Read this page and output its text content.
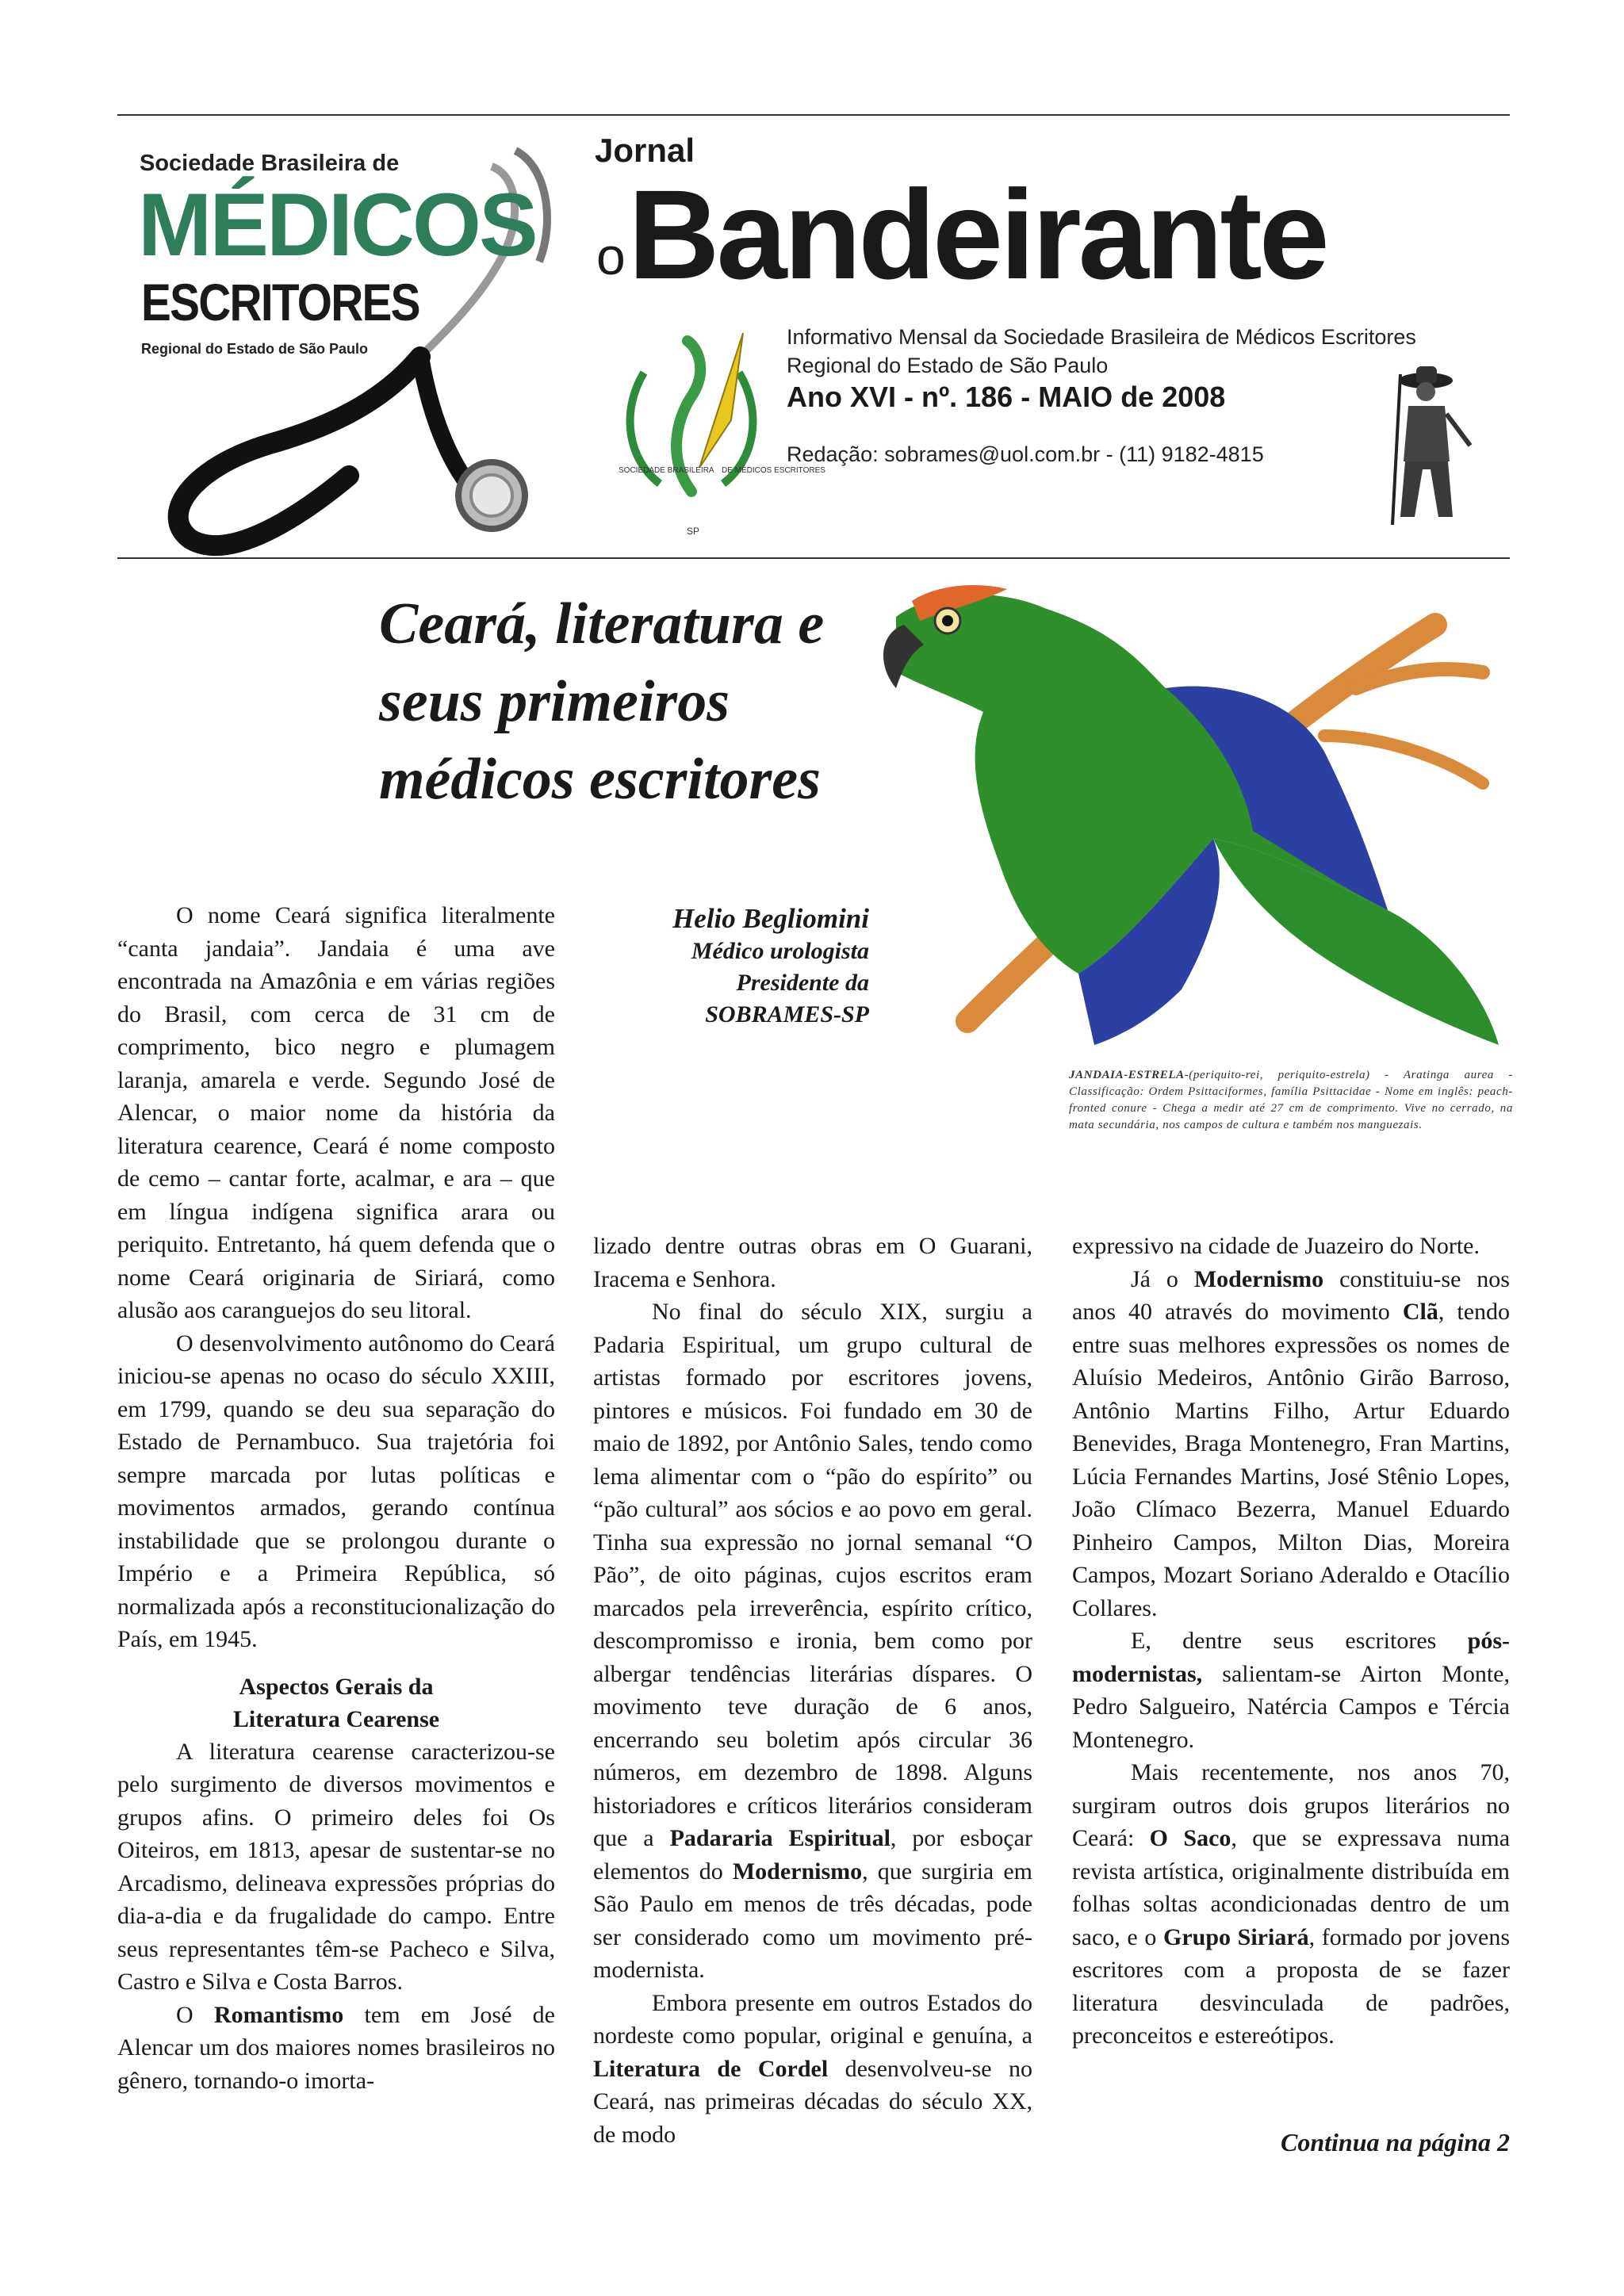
Sociedade Brasileira de
MÉDICOS
ESCRITORES
Regional do Estado de São Paulo
Jornal
o Bandeirante
SOCIEDADE BRASILEIRA DE MÉDICOS ESCRITORES
SP
Informativo Mensal da Sociedade Brasileira de Médicos Escritores
Regional do Estado de São Paulo
Ano XVI - nº. 186 - MAIO de 2008
Redação: sobrames@uol.com.br - (11) 9182-4815
Ceará, literatura e
seus primeiros
médicos escritores
Helio Begliomini
Médico urologista
Presidente da
SOBRAMES-SP
JANDAIA-ESTRELA-(periquito-rei, periquito-estrela) - Aratinga aurea - Classificação: Ordem Psittaciformes, família Psittacidae - Nome em inglês: peach-fronted conure - Chega a medir até 27 cm de comprimento. Vive no cerrado, na mata secundária, nos campos de cultura e também nos manguezais.

O nome Ceará significa literalmente “canta jandaia”. Jandaia é uma ave encontrada na Amazônia e em várias regiões do Brasil, com cerca de 31 cm de comprimento, bico negro e plumagem laranja, amarela e verde. Segundo José de Alencar, o maior nome da história da literatura cearence, Ceará é nome composto de cemo – cantar forte, acalmar, e ara – que em língua indígena significa arara ou periquito. Entretanto, há quem defenda que o nome Ceará originaria de Siriará, como alusão aos caranguejos do seu litoral.

O desenvolvimento autônomo do Ceará iniciou-se apenas no ocaso do século XXIII, em 1799, quando se deu sua separação do Estado de Pernambuco. Sua trajetória foi sempre marcada por lutas políticas e movimentos armados, gerando contínua instabilidade que se prolongou durante o Império e a Primeira República, só normalizada após a reconstitucionalização do País, em 1945.

Aspectos Gerais da
Literatura Cearense

A literatura cearense caracterizou-se pelo surgimento de diversos movimentos e grupos afins. O primeiro deles foi Os Oiteiros, em 1813, apesar de sustentar-se no Arcadismo, delineava expressões próprias do dia-a-dia e da frugalidade do campo. Entre seus representantes têm-se Pacheco e Silva, Castro e Silva e Costa Barros.

O Romantismo tem em José de Alencar um dos maiores nomes brasileiros no gênero, tornando-o imorta-

lizado dentre outras obras em O Guarani, Iracema e Senhora.

No final do século XIX, surgiu a Padaria Espiritual, um grupo cultural de artistas formado por escritores jovens, pintores e músicos. Foi fundado em 30 de maio de 1892, por Antônio Sales, tendo como lema alimentar com o “pão do espírito” ou “pão cultural” aos sócios e ao povo em geral. Tinha sua expressão no jornal semanal “O Pão”, de oito páginas, cujos escritos eram marcados pela irreverência, espírito crítico, descompromisso e ironia, bem como por albergar tendências literárias díspares. O movimento teve duração de 6 anos, encerrando seu boletim após circular 36 números, em dezembro de 1898. Alguns historiadores e críticos literários consideram que a Padararia Espiritual, por esboçar elementos do Modernismo, que surgiria em São Paulo em menos de três décadas, pode ser considerado como um movimento pré-modernista.

Embora presente em outros Estados do nordeste como popular, original e genuína, a Literatura de Cordel desenvolveu-se no Ceará, nas primeiras décadas do século XX, de modo

expressivo na cidade de Juazeiro do Norte.

Já o Modernismo constituiu-se nos anos 40 através do movimento Clã, tendo entre suas melhores expressões os nomes de Aluísio Medeiros, Antônio Girão Barroso, Antônio Martins Filho, Artur Eduardo Benevides, Braga Montenegro, Fran Martins, Lúcia Fernandes Martins, José Stênio Lopes, João Clímaco Bezerra, Manuel Eduardo Pinheiro Campos, Milton Dias, Moreira Campos, Mozart Soriano Aderaldo e Otacílio Collares.

E, dentre seus escritores pós-modernistas, salientam-se Airton Monte, Pedro Salgueiro, Natércia Campos e Tércia Montenegro.

Mais recentemente, nos anos 70, surgiram outros dois grupos literários no Ceará: O Saco, que se expressava numa revista artística, originalmente distribuída em folhas soltas acondicionadas dentro de um saco, e o Grupo Siriará, formado por jovens escritores com a proposta de se fazer literatura desvinculada de padrões, preconceitos e estereótipos.

Continua na página 2
